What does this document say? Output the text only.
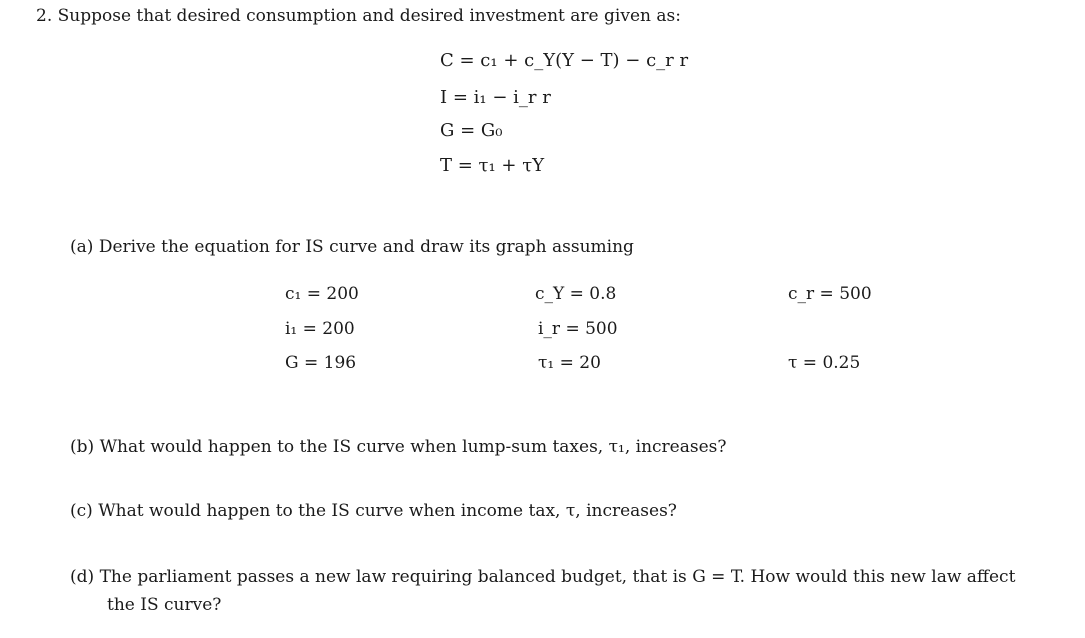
2. Suppose that desired consumption and desired investment are given as:
C = c₁ + c_Y(Y − T) − c_r r
I = i₁ − i_r r
G = G₀
T = τ₁ + τY
(a) Derive the equation for IS curve and draw its graph assuming
c₁ = 200	c_Y = 0.8	c_r = 500
i₁ = 200	i_r = 500
G = 196	τ₁ = 20	τ = 0.25
(b) What would happen to the IS curve when lump-sum taxes, τ₁, increases?
(c) What would happen to the IS curve when income tax, τ, increases?
(d) The parliament passes a new law requiring balanced budget, that is G = T. How would this new law affect
the IS curve?
